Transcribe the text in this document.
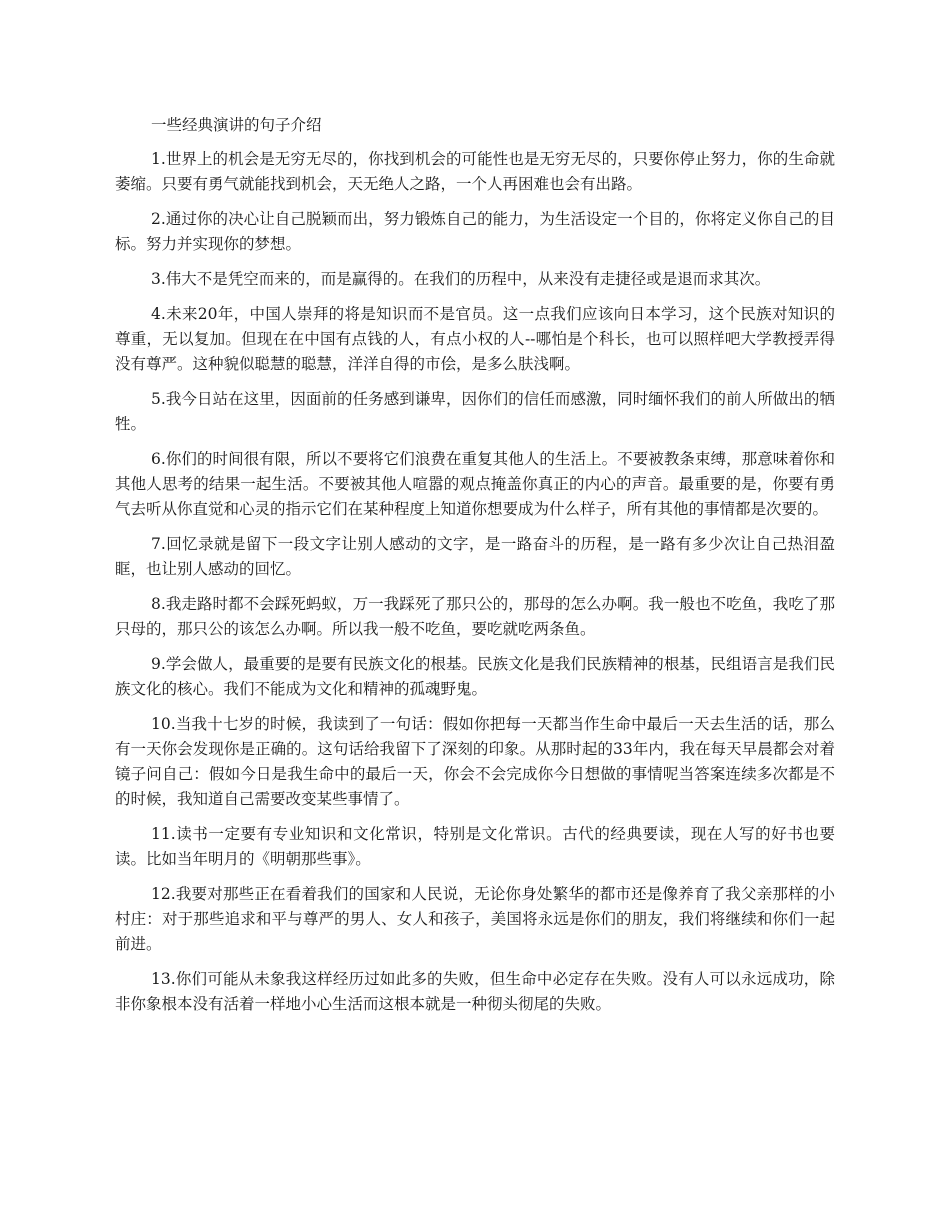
一些经典演讲的句子介绍

1.世界上的机会是无穷无尽的，你找到机会的可能性也是无穷无尽的，只要你停止努力，你的生命就萎缩。只要有勇气就能找到机会，天无绝人之路，一个人再困难也会有出路。

2.通过你的决心让自己脱颖而出，努力锻炼自己的能力，为生活设定一个目的，你将定义你自己的目标。努力并实现你的梦想。

3.伟大不是凭空而来的，而是赢得的。在我们的历程中，从来没有走捷径或是退而求其次。

4.未来20年，中国人崇拜的将是知识而不是官员。这一点我们应该向日本学习，这个民族对知识的尊重，无以复加。但现在在中国有点钱的人，有点小权的人--哪怕是个科长，也可以照样吧大学教授弄得没有尊严。这种貌似聪慧的聪慧，洋洋自得的市侩，是多么肤浅啊。

5.我今日站在这里，因面前的任务感到谦卑，因你们的信任而感激，同时缅怀我们的前人所做出的牺牲。

6.你们的时间很有限，所以不要将它们浪费在重复其他人的生活上。不要被教条束缚，那意味着你和其他人思考的结果一起生活。不要被其他人喧嚣的观点掩盖你真正的内心的声音。最重要的是，你要有勇气去听从你直觉和心灵的指示它们在某种程度上知道你想要成为什么样子，所有其他的事情都是次要的。

7.回忆录就是留下一段文字让别人感动的文字，是一路奋斗的历程，是一路有多少次让自己热泪盈眶，也让别人感动的回忆。

8.我走路时都不会踩死蚂蚁，万一我踩死了那只公的，那母的怎么办啊。我一般也不吃鱼，我吃了那只母的，那只公的该怎么办啊。所以我一般不吃鱼，要吃就吃两条鱼。

9.学会做人，最重要的是要有民族文化的根基。民族文化是我们民族精神的根基，民组语言是我们民族文化的核心。我们不能成为文化和精神的孤魂野鬼。

10.当我十七岁的时候，我读到了一句话：假如你把每一天都当作生命中最后一天去生活的话，那么有一天你会发现你是正确的。这句话给我留下了深刻的印象。从那时起的33年内，我在每天早晨都会对着镜子问自己：假如今日是我生命中的最后一天，你会不会完成你今日想做的事情呢当答案连续多次都是不的时候，我知道自己需要改变某些事情了。

11.读书一定要有专业知识和文化常识，特别是文化常识。古代的经典要读，现在人写的好书也要读。比如当年明月的《明朝那些事》。

12.我要对那些正在看着我们的国家和人民说，无论你身处繁华的都市还是像养育了我父亲那样的小村庄：对于那些追求和平与尊严的男人、女人和孩子，美国将永远是你们的朋友，我们将继续和你们一起前进。

13.你们可能从未象我这样经历过如此多的失败，但生命中必定存在失败。没有人可以永远成功，除非你象根本没有活着一样地小心生活而这根本就是一种彻头彻尾的失败。
